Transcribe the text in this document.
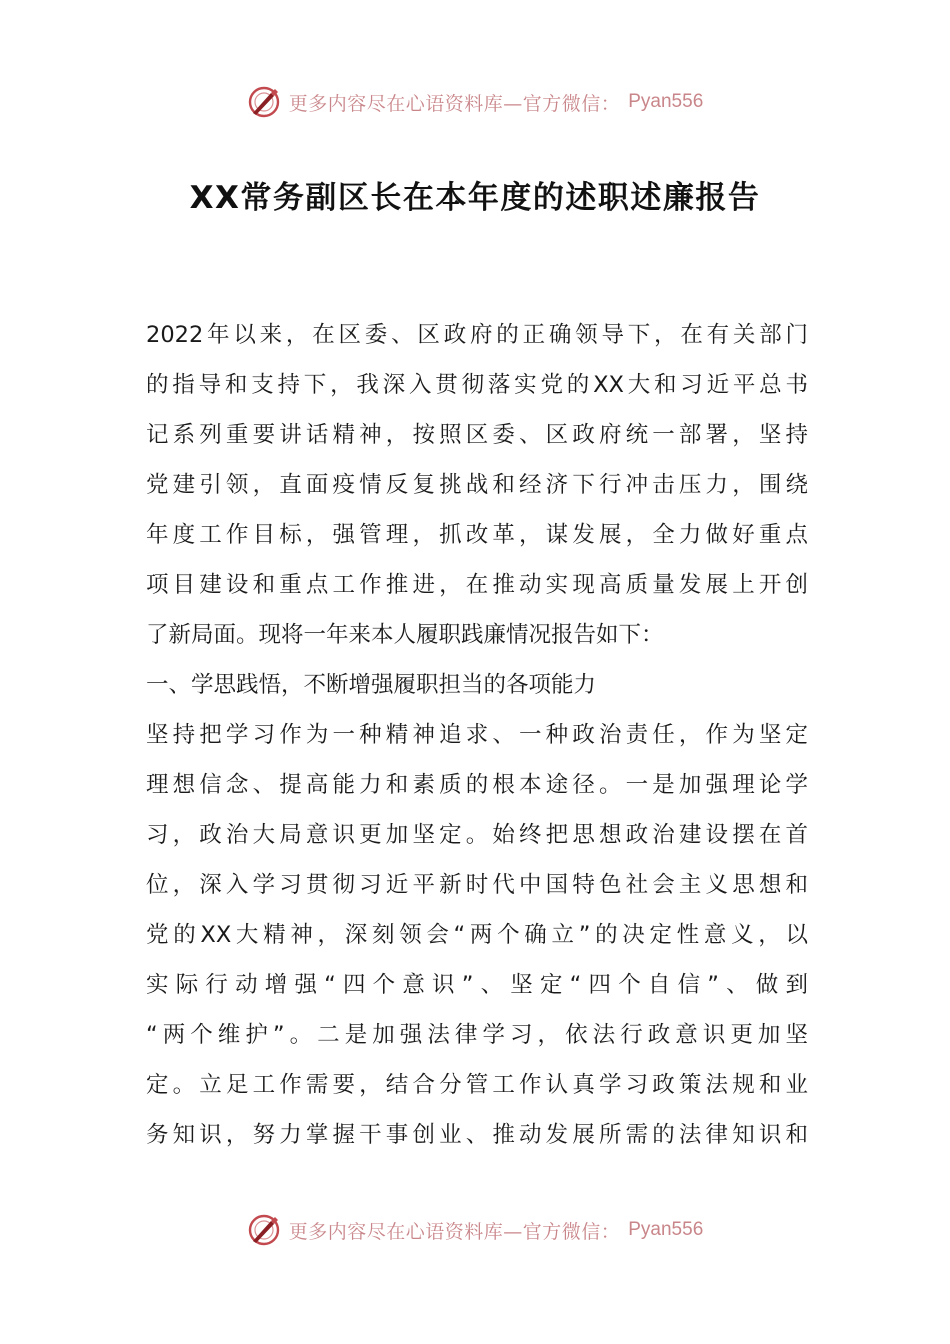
更多内容尽在心语资料库—官方微信： Pyan556
XX常务副区长在本年度的述职述廉报告
2022年以来，在区委、区政府的正确领导下，在有关部门
的指导和支持下，我深入贯彻落实党的XX大和习近平总书
记系列重要讲话精神，按照区委、区政府统一部署，坚持
党建引领，直面疫情反复挑战和经济下行冲击压力，围绕
年度工作目标，强管理，抓改革，谋发展，全力做好重点
项目建设和重点工作推进，在推动实现高质量发展上开创
了新局面。现将一年来本人履职践廉情况报告如下：
一、学思践悟，不断增强履职担当的各项能力
坚持把学习作为一种精神追求、一种政治责任，作为坚定
理想信念、提高能力和素质的根本途径。一是加强理论学
习，政治大局意识更加坚定。始终把思想政治建设摆在首
位，深入学习贯彻习近平新时代中国特色社会主义思想和
党的XX大精神，深刻领会“两个确立”的决定性意义，以
实际行动增强“四个意识”、坚定“四个自信”、做到
“两个维护”。二是加强法律学习，依法行政意识更加坚
定。立足工作需要，结合分管工作认真学习政策法规和业
务知识，努力掌握干事创业、推动发展所需的法律知识和
更多内容尽在心语资料库—官方微信： Pyan556
